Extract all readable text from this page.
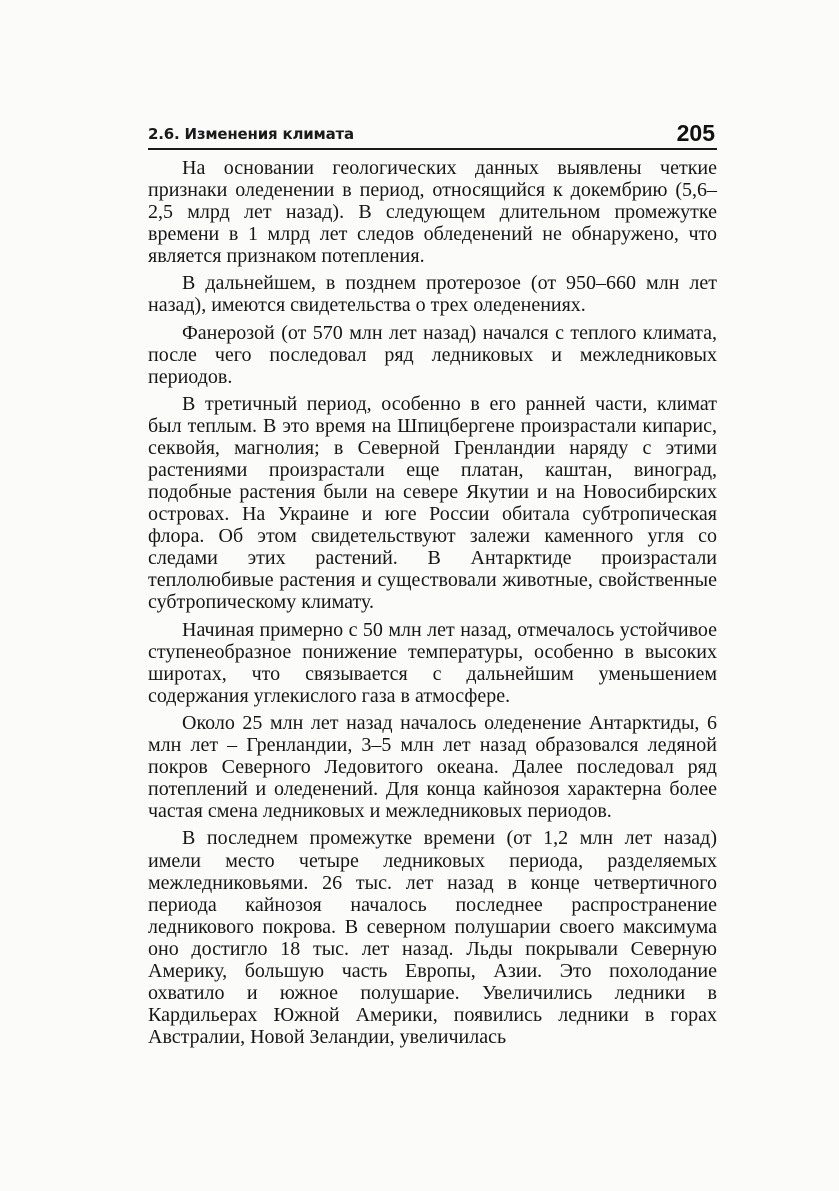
2.6. Изменения климата	205

На основании геологических данных выявлены четкие признаки оледенении в период, относящийся к докембрию (5,6–2,5 млрд лет назад). В следующем длительном промежутке времени в 1 млрд лет следов обледенений не обнаружено, что является признаком потепления.

В дальнейшем, в позднем протерозое (от 950–660 млн лет назад), имеются свидетельства о трех оледенениях.

Фанерозой (от 570 млн лет назад) начался с теплого климата, после чего последовал ряд ледниковых и межледниковых периодов.

В третичный период, особенно в его ранней части, климат был теплым. В это время на Шпицбергене произрастали кипарис, секвойя, магнолия; в Северной Гренландии наряду с этими растениями произрастали еще платан, каштан, виноград, подобные растения были на севере Якутии и на Новосибирских островах. На Украине и юге России обитала субтропическая флора. Об этом свидетельствуют залежи каменного угля со следами этих растений. В Антарктиде произрастали теплолюбивые растения и существовали животные, свойственные субтропическому климату.

Начиная примерно с 50 млн лет назад, отмечалось устойчивое ступенеобразное понижение температуры, особенно в высоких широтах, что связывается с дальнейшим уменьшением содержания углекислого газа в атмосфере.

Около 25 млн лет назад началось оледенение Антарктиды, 6 млн лет – Гренландии, 3–5 млн лет назад образовался ледяной покров Северного Ледовитого океана. Далее последовал ряд потеплений и оледенений. Для конца кайнозоя характерна более частая смена ледниковых и межледниковых периодов.

В последнем промежутке времени (от 1,2 млн лет назад) имели место четыре ледниковых периода, разделяемых межледниковьями. 26 тыс. лет назад в конце четвертичного периода кайнозоя началось последнее распространение ледникового покрова. В северном полушарии своего максимума оно достигло 18 тыс. лет назад. Льды покрывали Северную Америку, большую часть Европы, Азии. Это похолодание охватило и южное полушарие. Увеличились ледники в Кардильерах Южной Америки, появились ледники в горах Австралии, Новой Зеландии, увеличилась
